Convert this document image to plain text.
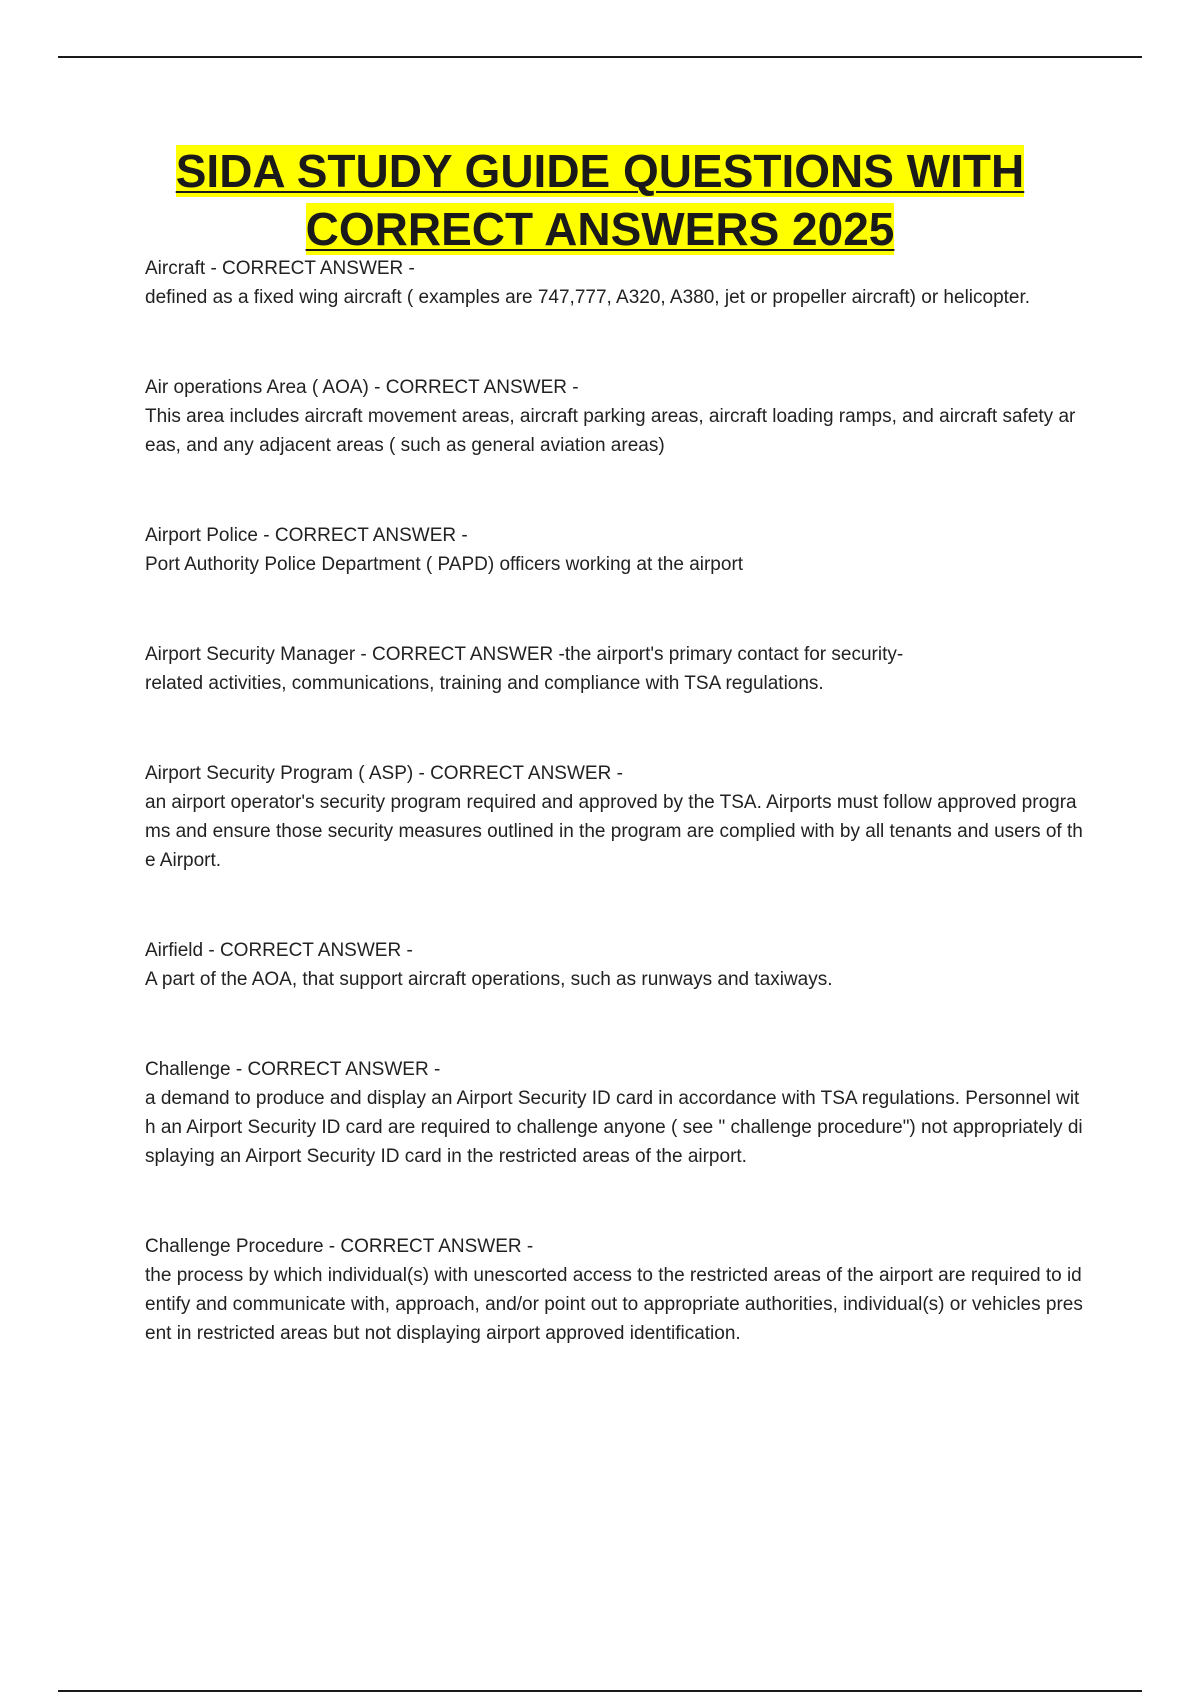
SIDA STUDY GUIDE QUESTIONS WITH
CORRECT ANSWERS 2025
Aircraft - CORRECT ANSWER -
defined as a fixed wing aircraft ( examples are 747,777, A320, A380, jet or propeller aircraft) or helicopter.
Air operations Area ( AOA) - CORRECT ANSWER -
This area includes aircraft movement areas, aircraft parking areas, aircraft loading ramps, and aircraft safety areas, and any adjacent areas ( such as general aviation areas)
Airport Police - CORRECT ANSWER -
Port Authority Police Department ( PAPD) officers working at the airport
Airport Security Manager - CORRECT ANSWER -the airport's primary contact for security-
related activities, communications, training and compliance with TSA regulations.
Airport Security Program ( ASP) - CORRECT ANSWER -
an airport operator's security program required and approved by the TSA. Airports must follow approved programs and ensure those security measures outlined in the program are complied with by all tenants and users of the Airport.
Airfield - CORRECT ANSWER -
A part of the AOA, that support aircraft operations, such as runways and taxiways.
Challenge - CORRECT ANSWER -
a demand to produce and display an Airport Security ID card in accordance with TSA regulations. Personnel with an Airport Security ID card are required to challenge anyone ( see " challenge procedure") not appropriately displaying an Airport Security ID card in the restricted areas of the airport.
Challenge Procedure - CORRECT ANSWER -
the process by which individual(s) with unescorted access to the restricted areas of the airport are required to identify and communicate with, approach, and/or point out to appropriate authorities, individual(s) or vehicles present in restricted areas but not displaying airport approved identification.
